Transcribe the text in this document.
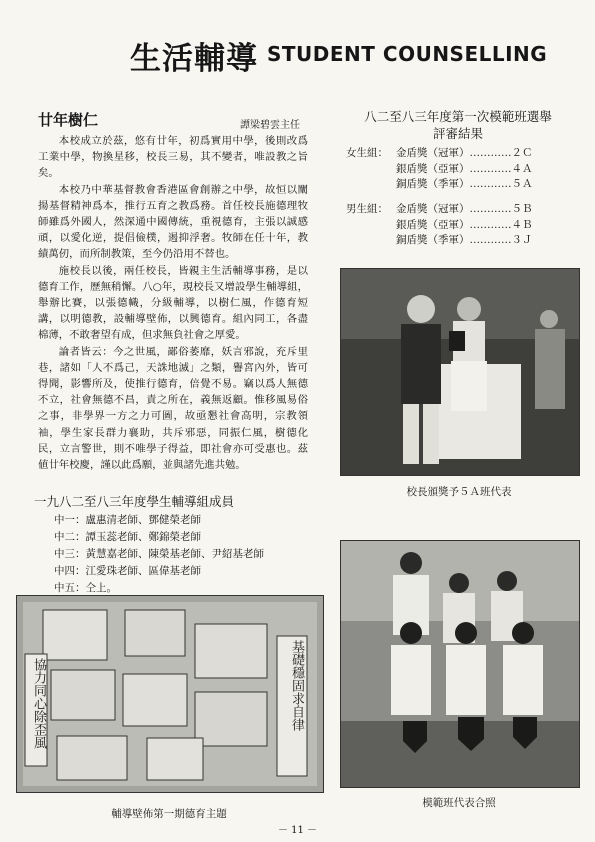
生活輔導 STUDENT COUNSELLING
廿年樹仁	譚梁碧雲主任

本校成立於茲，悠有廿年，初爲實用中學，後則改爲工業中學，物換星移，校長三易，其不變者，唯設教之旨矣。

本校乃中華基督教會香港區會創辦之中學，故恒以闡揚基督精神爲本，推行五育之教爲務。首任校長施德理牧師雖爲外國人，然深通中國傳統，重視德育，主張以誠感頑，以愛化逆，提倡儉樸，遏抑浮奢。牧師在任十年，教績萬仞，而所制教策，至今仍沿用不替也。

施校長以後，兩任校長，皆親主生活輔導事務，是以德育工作，歷無稍懈。八○年，現校長又增設學生輔導組，舉辦比賽，以張德幟，分級輔導，以樹仁風，作德育短講，以明德教，設輔導壁佈，以興德育。組內同工，各盡棉薄，不敢奢望有成，但求無負社會之厚愛。

論者皆云：今之世風，鄙俗萎靡，妖言邪說，充斥里巷，諸如「人不爲己，天誅地滅」之類，譽宮內外，皆可得聞，影響所及，使推行德育，倍覺不易。竊以爲人無德不立，社會無德不昌，責之所在，義無返顧。惟移風易俗之事，非學界一方之力可圖，故亟懇社會高明，宗教領袖，學生家長群力襄助，共斥邪惡，同振仁風，樹德化民，立言警世，則不唯學子得益，即社會亦可受惠也。茲値廿年校慶，謹以此爲願，並與諸先進共勉。

一九八二至八三年度學生輔導組成員
中一：盧惠清老師、鄧健榮老師
中二：譚玉蕊老師、鄭錦榮老師
中三：黃慧嘉老師、陳榮基老師、尹紹基老師
中四：江愛珠老師、區偉基老師
中五：仝上。
八二至八三年度第一次模範班選舉
評審結果
女生組： 金盾獎（冠軍） ………… ２Ｃ
銀盾獎（亞軍） ………… ４Ａ
銅盾獎（季軍） ………… ５Ａ
男生組： 金盾獎（冠軍） ………… ５Ｂ
銀盾獎（亞軍） ………… ４Ｂ
銅盾獎（季軍） ………… ３Ｊ
校長頒獎予５Ａ班代表
模範班代表合照
協力同心除歪風	基礎穩固求自律
輔導壁佈第一期德育主題
－ 11 －
